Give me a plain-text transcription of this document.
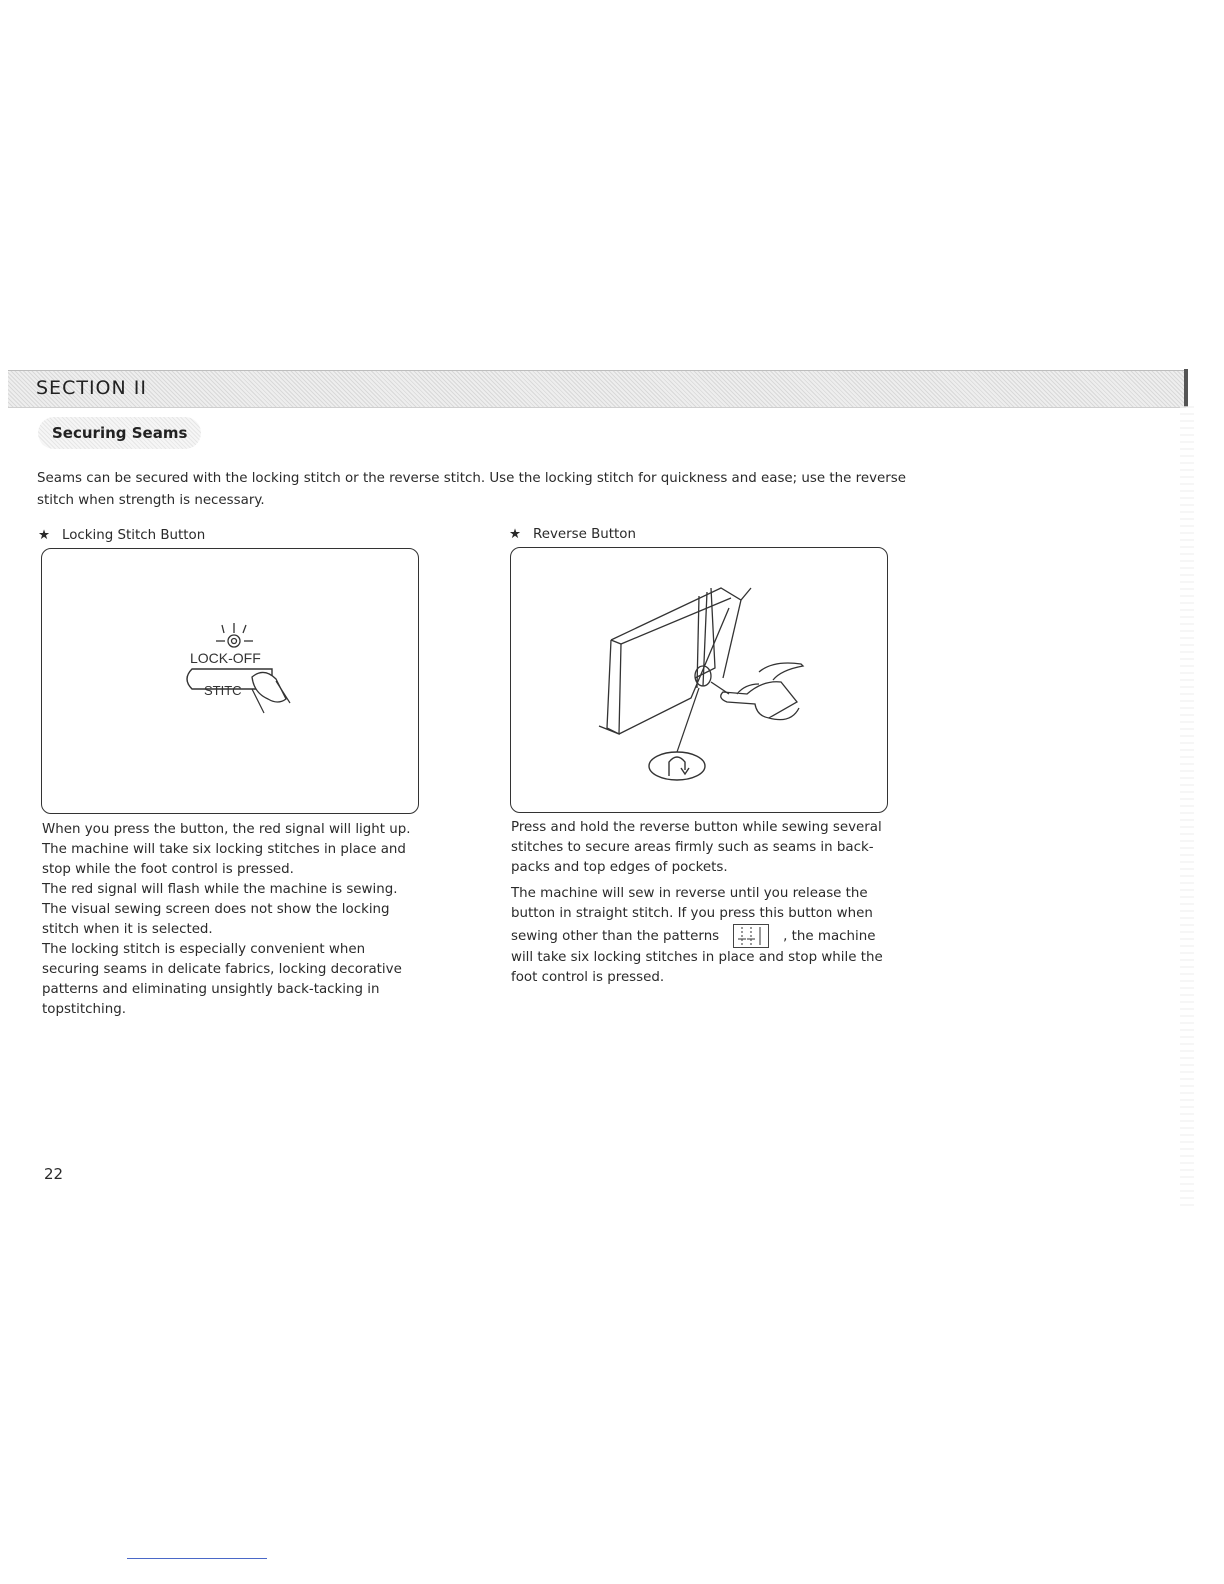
SECTION II
Securing Seams

Seams can be secured with the locking stitch or the reverse stitch. Use the locking stitch for quickness and ease; use the reverse stitch when strength is necessary.

★ Locking Stitch Button
LOCK-OFF
STITC

When you press the button, the red signal will light up. The machine will take six locking stitches in place and stop while the foot control is pressed.

The red signal will flash while the machine is sewing.

The visual sewing screen does not show the locking stitch when it is selected.

The locking stitch is especially convenient when securing seams in delicate fabrics, locking decorative patterns and eliminating unsightly back-tacking in topstitching.

★ Reverse Button

Press and hold the reverse button while sewing several stitches to secure areas firmly such as seams in back-packs and top edges of pockets.

The machine will sew in reverse until you release the button in straight stitch. If you press this button when sewing other than the patterns	, the machine will take six locking stitches in place and stop while the foot control is pressed.

22
